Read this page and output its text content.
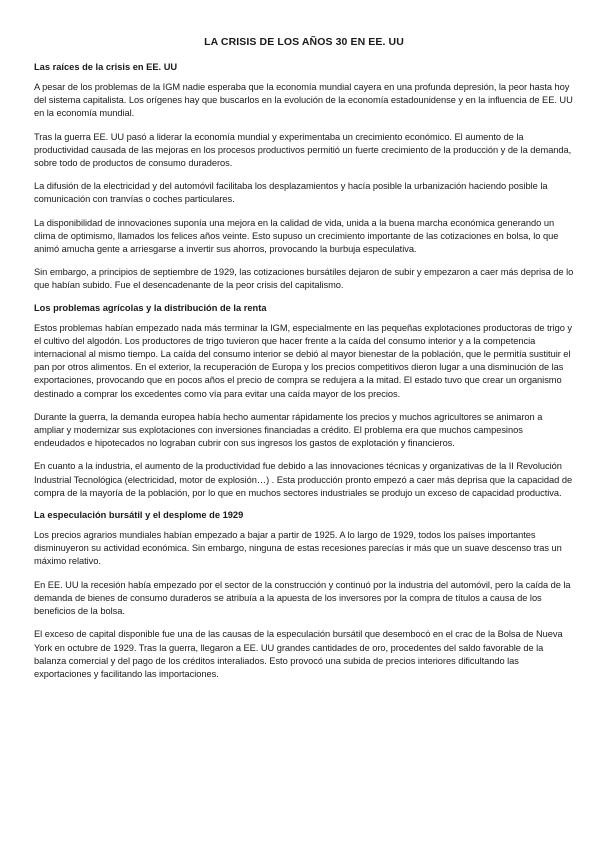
LA CRISIS DE LOS AÑOS 30 EN EE. UU
Las raíces de la crisis en EE. UU

A pesar de los problemas de la IGM nadie esperaba que la economía mundial cayera en una profunda depresión, la peor hasta hoy del sistema capitalista. Los orígenes hay que buscarlos en la evolución de la economía estadounidense y en la influencia de EE. UU en la economía mundial.

Tras la guerra EE. UU pasó a liderar la economía mundial y experimentaba un crecimiento económico. El aumento de la productividad causada de las mejoras en los procesos productivos permitió un fuerte crecimiento de la producción y de la demanda, sobre todo de productos de consumo duraderos.

La difusión de la electricidad y del automóvil facilitaba los desplazamientos y hacía posible la urbanización haciendo posible la comunicación con tranvías o coches particulares.

La disponibilidad de innovaciones suponía una mejora en la calidad de vida, unida a la buena marcha económica generando un clima de optimismo, llamados los felices años veinte. Esto supuso un crecimiento importante de las cotizaciones en bolsa, lo que animó amucha gente a arriesgarse a invertir sus ahorros, provocando la burbuja especulativa.

Sin embargo, a principios de septiembre de 1929, las cotizaciones bursátiles dejaron de subir y empezaron a caer más deprisa de lo que habían subido. Fue el desencadenante de la peor crisis del capitalismo.

Los problemas agrícolas y la distribución de la renta

Estos problemas habían empezado nada más terminar la IGM, especialmente en las pequeñas explotaciones productoras de trigo y el cultivo del algodón. Los productores de trigo tuvieron que hacer frente a la caída del consumo interior y a la competencia internacional al mismo tiempo. La caída del consumo interior se debió al mayor bienestar de la población, que le permitía sustituir el pan por otros alimentos. En el exterior, la recuperación de Europa y los precios competitivos dieron lugar a una disminución de las exportaciones, provocando que en pocos años el precio de compra se redujera a la mitad. El estado tuvo que crear un organismo destinado a comprar los excedentes como vía para evitar una caída mayor de los precios.

Durante la guerra, la demanda europea había hecho aumentar rápidamente los precios y muchos agricultores se animaron a ampliar y modernizar sus explotaciones con inversiones financiadas a crédito. El problema era que muchos campesinos endeudados e hipotecados no lograban cubrir con sus ingresos los gastos de explotación y financieros.

En cuanto a la industria, el aumento de la productividad fue debido a las innovaciones técnicas y organizativas de la II Revolución Industrial Tecnológica (electricidad, motor de explosión…) . Esta producción pronto empezó a caer más deprisa que la capacidad de compra de la mayoría de la población, por lo que en muchos sectores industriales se produjo un exceso de capacidad productiva.

La especulación bursátil y el desplome de 1929

Los precios agrarios mundiales habían empezado a bajar a partir de 1925. A lo largo de 1929, todos los países importantes disminuyeron su actividad económica. Sin embargo, ninguna de estas recesiones parecías ir más que un suave descenso tras un máximo relativo.

En EE. UU la recesión había empezado por el sector de la construcción y continuó por la industria del automóvil, pero la caída de la demanda de bienes de consumo duraderos se atribuía a la apuesta de los inversores por la compra de títulos a causa de los beneficios de la bolsa.

El exceso de capital disponible fue una de las causas de la especulación bursátil que desembocó en el crac de la Bolsa de Nueva York en octubre de 1929. Tras la guerra, llegaron a EE. UU grandes cantidades de oro, procedentes del saldo favorable de la balanza comercial y del pago de los créditos interaliados. Esto provocó una subida de precios interiores dificultando las exportaciones y facilitando las importaciones.
